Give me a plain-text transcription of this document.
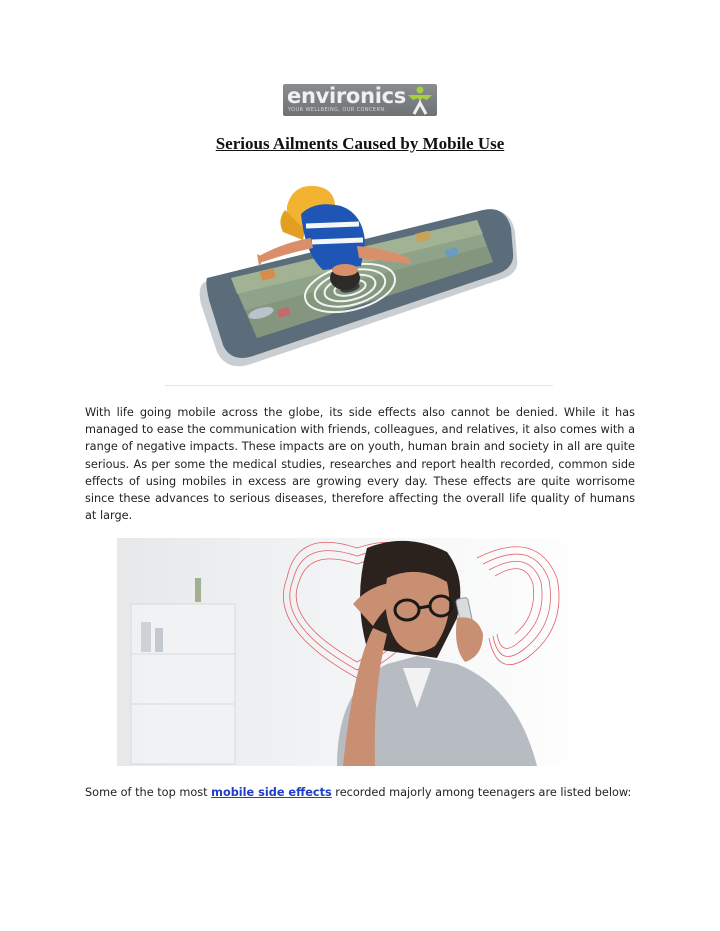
environics
YOUR WELLBEING, OUR CONCERN.
Serious Ailments Caused by Mobile Use

With life going mobile across the globe, its side effects also cannot be denied. While it has managed to ease the communication with friends, colleagues, and relatives, it also comes with a range of negative impacts. These impacts are on youth, human brain and society in all are quite serious. As per some the medical studies, researches and report health recorded, common side effects of using mobiles in excess are growing every day. These effects are quite worrisome since these advances to serious diseases, therefore affecting the overall life quality of humans at large.

Some of the top most mobile side effects recorded majorly among teenagers are listed below:
